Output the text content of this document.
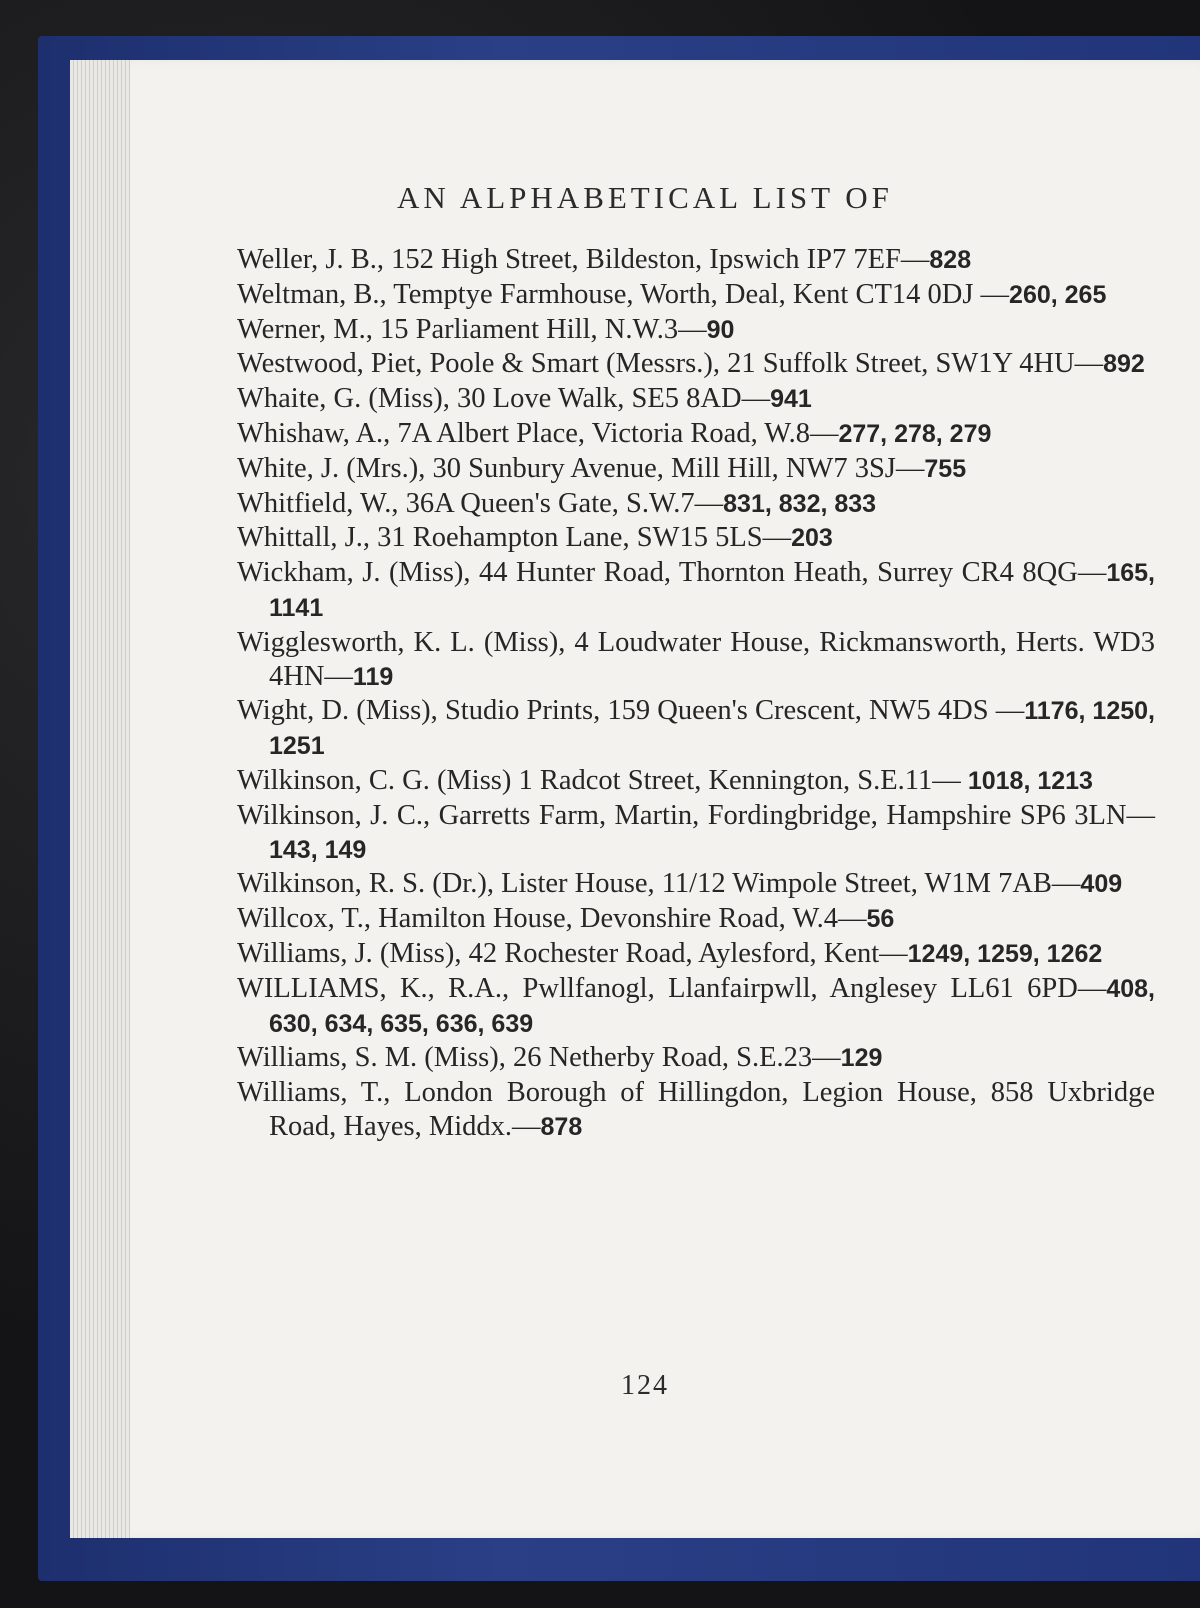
AN ALPHABETICAL LIST OF
Weller, J. B., 152 High Street, Bildeston, Ipswich IP7 7EF—828
Weltman, B., Temptye Farmhouse, Worth, Deal, Kent CT14 0DJ —260, 265
Werner, M., 15 Parliament Hill, N.W.3—90
Westwood, Piet, Poole & Smart (Messrs.), 21 Suffolk Street, SW1Y 4HU—892
Whaite, G. (Miss), 30 Love Walk, SE5 8AD—941
Whishaw, A., 7A Albert Place, Victoria Road, W.8—277, 278, 279
White, J. (Mrs.), 30 Sunbury Avenue, Mill Hill, NW7 3SJ—755
Whitfield, W., 36A Queen's Gate, S.W.7—831, 832, 833
Whittall, J., 31 Roehampton Lane, SW15 5LS—203
Wickham, J. (Miss), 44 Hunter Road, Thornton Heath, Surrey CR4 8QG—165, 1141
Wigglesworth, K. L. (Miss), 4 Loudwater House, Rickmansworth, Herts. WD3 4HN—119
Wight, D. (Miss), Studio Prints, 159 Queen's Crescent, NW5 4DS —1176, 1250, 1251
Wilkinson, C. G. (Miss) 1 Radcot Street, Kennington, S.E.11— 1018, 1213
Wilkinson, J. C., Garretts Farm, Martin, Fordingbridge, Hampshire SP6 3LN—143, 149
Wilkinson, R. S. (Dr.), Lister House, 11/12 Wimpole Street, W1M 7AB—409
Willcox, T., Hamilton House, Devonshire Road, W.4—56
Williams, J. (Miss), 42 Rochester Road, Aylesford, Kent—1249, 1259, 1262
WILLIAMS, K., R.A., Pwllfanogl, Llanfairpwll, Anglesey LL61 6PD—408, 630, 634, 635, 636, 639
Williams, S. M. (Miss), 26 Netherby Road, S.E.23—129
Williams, T., London Borough of Hillingdon, Legion House, 858 Uxbridge Road, Hayes, Middx.—878
124
